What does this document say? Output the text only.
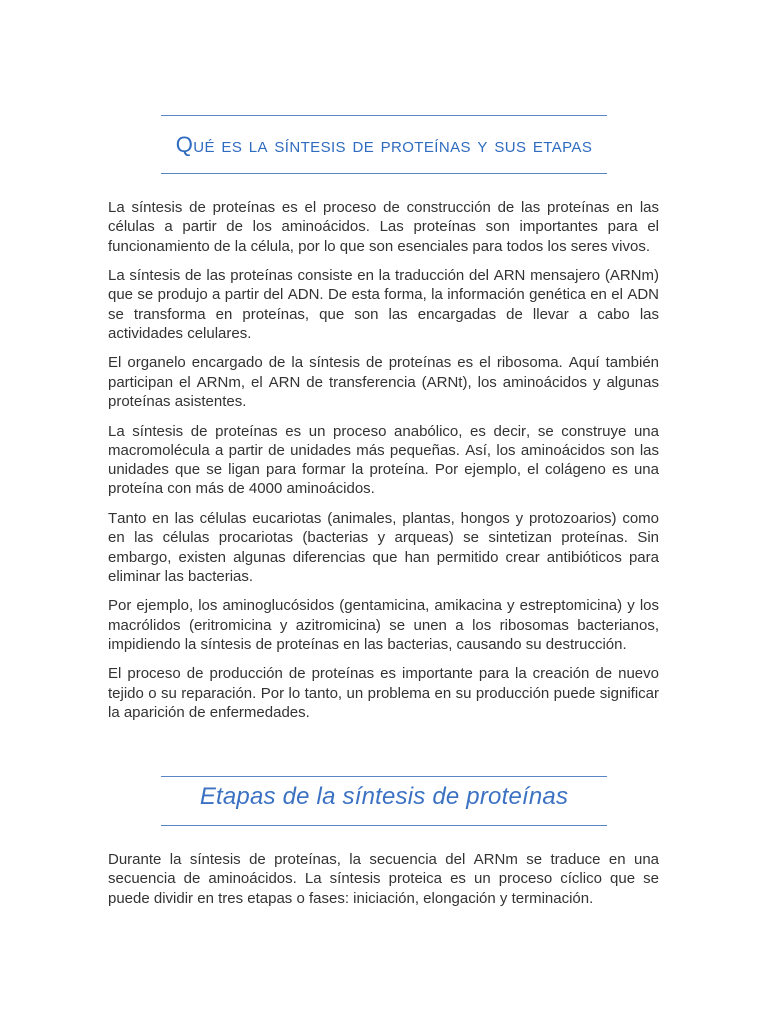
Qué es la síntesis de proteínas y sus etapas

La síntesis de proteínas es el proceso de construcción de las proteínas en las células a partir de los aminoácidos. Las proteínas son importantes para el funcionamiento de la célula, por lo que son esenciales para todos los seres vivos.

La síntesis de las proteínas consiste en la traducción del ARN mensajero (ARNm) que se produjo a partir del ADN. De esta forma, la información genética en el ADN se transforma en proteínas, que son las encargadas de llevar a cabo las actividades celulares.

El organelo encargado de la síntesis de proteínas es el ribosoma. Aquí también participan el ARNm, el ARN de transferencia (ARNt), los aminoácidos y algunas proteínas asistentes.

La síntesis de proteínas es un proceso anabólico, es decir, se construye una macromolécula a partir de unidades más pequeñas. Así, los aminoácidos son las unidades que se ligan para formar la proteína. Por ejemplo, el colágeno es una proteína con más de 4000 aminoácidos.

Tanto en las células eucariotas (animales, plantas, hongos y protozoarios) como en las células procariotas (bacterias y arqueas) se sintetizan proteínas. Sin embargo, existen algunas diferencias que han permitido crear antibióticos para eliminar las bacterias.

Por ejemplo, los aminoglucósidos (gentamicina, amikacina y estreptomicina) y los macrólidos (eritromicina y azitromicina) se unen a los ribosomas bacterianos, impidiendo la síntesis de proteínas en las bacterias, causando su destrucción.

El proceso de producción de proteínas es importante para la creación de nuevo tejido o su reparación. Por lo tanto, un problema en su producción puede significar la aparición de enfermedades.

Etapas de la síntesis de proteínas

Durante la síntesis de proteínas, la secuencia del ARNm se traduce en una secuencia de aminoácidos. La síntesis proteica es un proceso cíclico que se puede dividir en tres etapas o fases: iniciación, elongación y terminación.
